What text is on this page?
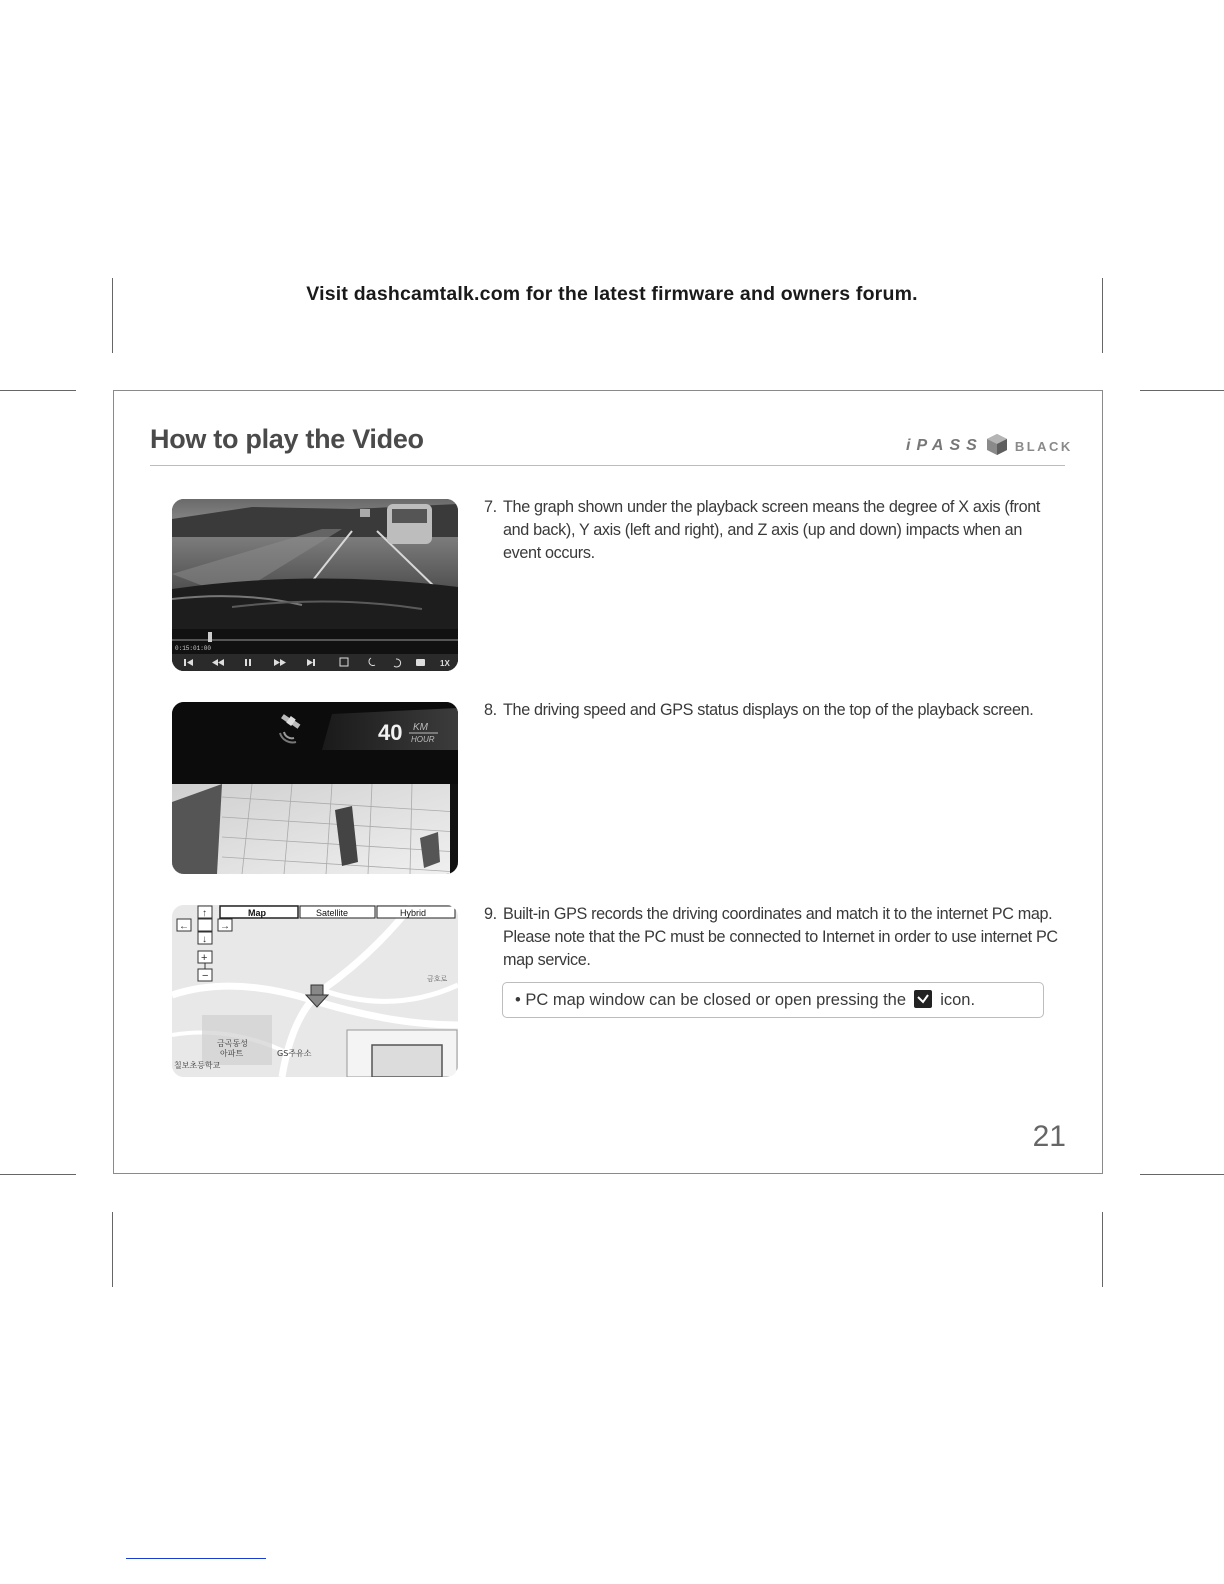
Visit dashcamtalk.com for the latest firmware and owners forum.
How to play the Video	iPASS BLACK
0:15:01:00
1X
40 KM
HOUR
↑
←	→
↓
+
−
Map	Satellite	Hybrid
금곡동성
아파트	GS주유소
칠보초등학교
금호로
7. The graph shown under the playback screen means the degree of X axis (front and back), Y axis (left and right), and Z axis (up and down) impacts when an event occurs.
8. The driving speed and GPS status displays on the top of the playback screen.
9. Built-in GPS records the driving coordinates and match it to the internet PC map. Please note that the PC must be connected to Internet in order to use internet PC map service.
• PC map window can be closed or open pressing the icon.
21
